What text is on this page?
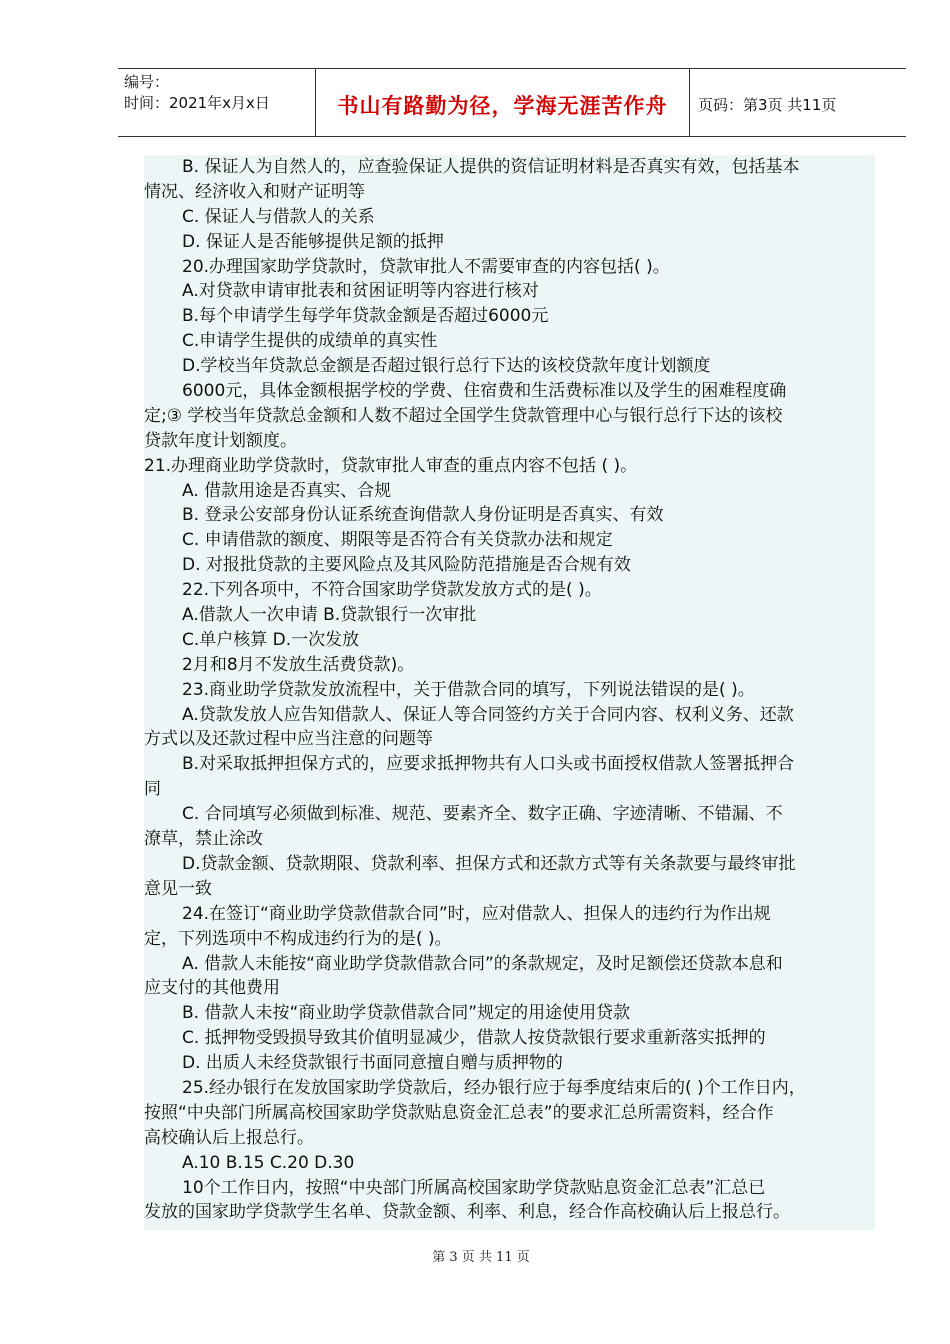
编号：
时间：2021年x月x日	书山有路勤为径，学海无涯苦作舟	页码：第3页 共11页
B. 保证人为自然人的，应查验保证人提供的资信证明材料是否真实有效，包括基本
情况、经济收入和财产证明等
C. 保证人与借款人的关系
D. 保证人是否能够提供足额的抵押
20.办理国家助学贷款时，贷款审批人不需要审查的内容包括( )。
A.对贷款申请审批表和贫困证明等内容进行核对
B.每个申请学生每学年贷款金额是否超过6000元
C.申请学生提供的成绩单的真实性
D.学校当年贷款总金额是否超过银行总行下达的该校贷款年度计划额度
6000元，具体金额根据学校的学费、住宿费和生活费标准以及学生的困难程度确
定;③ 学校当年贷款总金额和人数不超过全国学生贷款管理中心与银行总行下达的该校
贷款年度计划额度。
21.办理商业助学贷款时，贷款审批人审查的重点内容不包括 ( )。
A. 借款用途是否真实、合规
B. 登录公安部身份认证系统查询借款人身份证明是否真实、有效
C. 申请借款的额度、期限等是否符合有关贷款办法和规定
D. 对报批贷款的主要风险点及其风险防范措施是否合规有效
22.下列各项中，不符合国家助学贷款发放方式的是( )。
A.借款人一次申请 B.贷款银行一次审批
C.单户核算 D.一次发放
2月和8月不发放生活费贷款)。
23.商业助学贷款发放流程中，关于借款合同的填写，下列说法错误的是( )。
A.贷款发放人应告知借款人、保证人等合同签约方关于合同内容、权利义务、还款
方式以及还款过程中应当注意的问题等
B.对采取抵押担保方式的，应要求抵押物共有人口头或书面授权借款人签署抵押合
同
C. 合同填写必须做到标准、规范、要素齐全、数字正确、字迹清晰、不错漏、不
潦草，禁止涂改
D.贷款金额、贷款期限、贷款利率、担保方式和还款方式等有关条款要与最终审批
意见一致
24.在签订“商业助学贷款借款合同”时，应对借款人、担保人的违约行为作出规
定，下列选项中不构成违约行为的是( )。
A. 借款人未能按“商业助学贷款借款合同”的条款规定，及时足额偿还贷款本息和
应支付的其他费用
B. 借款人未按“商业助学贷款借款合同”规定的用途使用贷款
C. 抵押物受毁损导致其价值明显减少，借款人按贷款银行要求重新落实抵押的
D. 出质人未经贷款银行书面同意擅自赠与质押物的
25.经办银行在发放国家助学贷款后，经办银行应于每季度结束后的( )个工作日内，
按照“中央部门所属高校国家助学贷款贴息资金汇总表”的要求汇总所需资料，经合作
高校确认后上报总行。
A.10 B.15 C.20 D.30
10个工作日内，按照“中央部门所属高校国家助学贷款贴息资金汇总表”汇总已
发放的国家助学贷款学生名单、贷款金额、利率、利息，经合作高校确认后上报总行。
第 3 页 共 11 页
